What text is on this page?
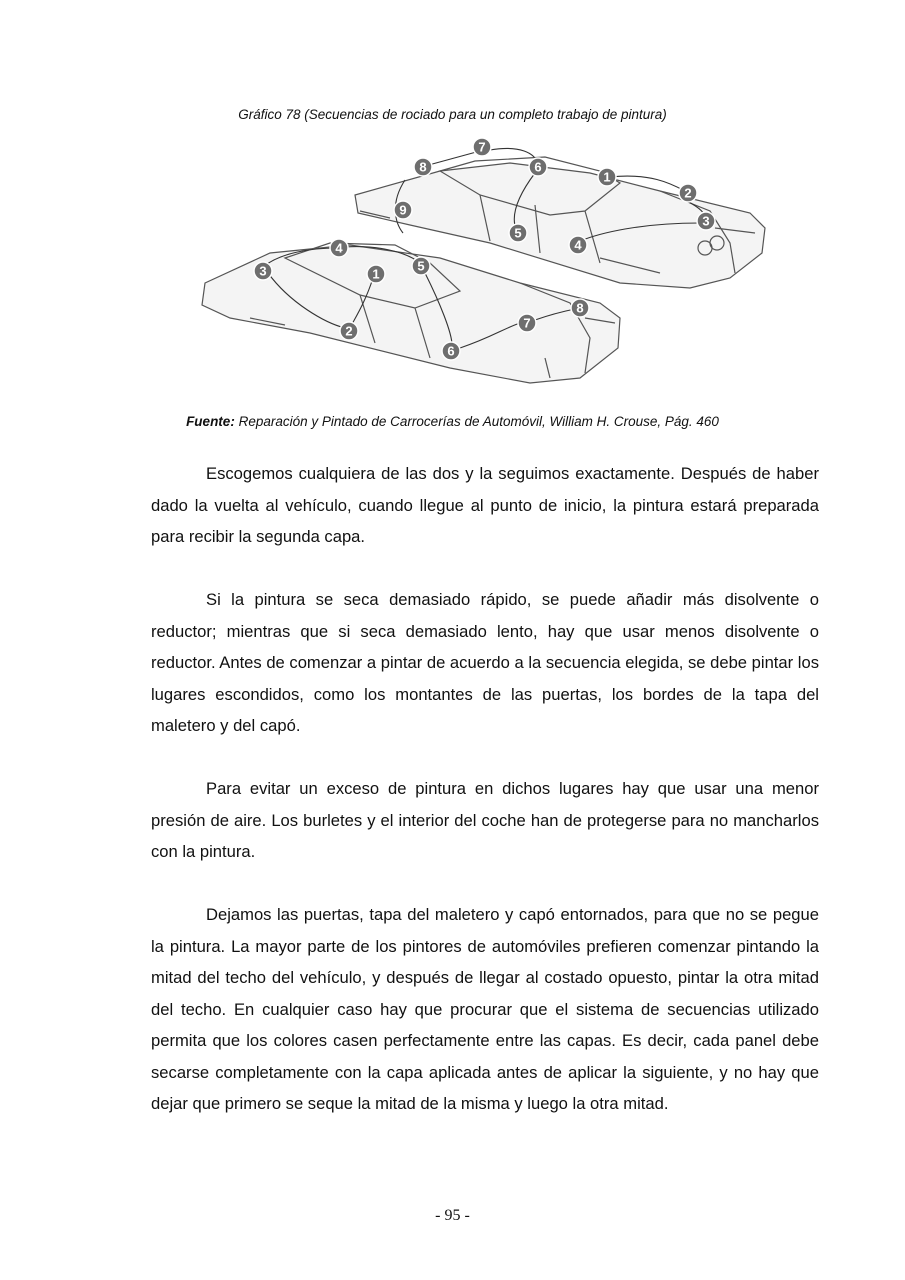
Gráfico 78 (Secuencias de rociado para un completo trabajo de pintura)
1
2
3
4
5
6
7
8
9
1
2
3
4
5
6
7
8
Fuente: Reparación y Pintado de Carrocerías de Automóvil, William H. Crouse, Pág. 460

Escogemos cualquiera de las dos y la seguimos exactamente. Después de haber dado la vuelta al vehículo, cuando llegue al punto de inicio, la pintura estará preparada para recibir la segunda capa.

Si la pintura se seca demasiado rápido, se puede añadir más disolvente o reductor; mientras que si seca demasiado lento, hay que usar menos disolvente o reductor. Antes de comenzar a pintar de acuerdo a la secuencia elegida, se debe pintar los lugares escondidos, como los montantes de las puertas, los bordes de la tapa del maletero y del capó.

Para evitar un exceso de pintura en dichos lugares hay que usar una menor presión de aire. Los burletes y el interior del coche han de protegerse para no mancharlos con la pintura.

Dejamos las puertas, tapa del maletero y capó entornados, para que no se pegue la pintura. La mayor parte de los pintores de automóviles prefieren comenzar pintando la mitad del techo del vehículo, y después de llegar al costado opuesto, pintar la otra mitad del techo. En cualquier caso hay que procurar que el sistema de secuencias utilizado permita que los colores casen perfectamente entre las capas. Es decir, cada panel debe secarse completamente con la capa aplicada antes de aplicar la siguiente, y no hay que dejar que primero se seque la mitad de la misma y luego la otra mitad.

- 95 -
